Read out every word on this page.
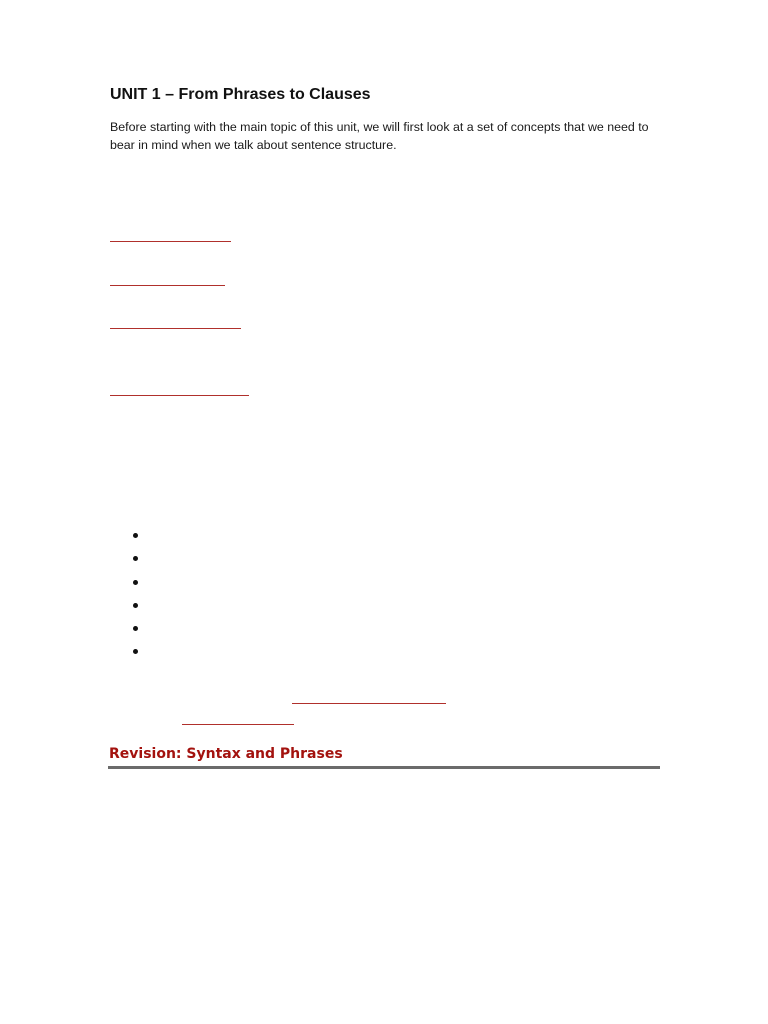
UNIT 1 – From Phrases to Clauses

Before starting with the main topic of this unit, we will first look at a set of concepts that we need to bear in mind when we talk about sentence structure.

Revision: Syntax and Phrases
